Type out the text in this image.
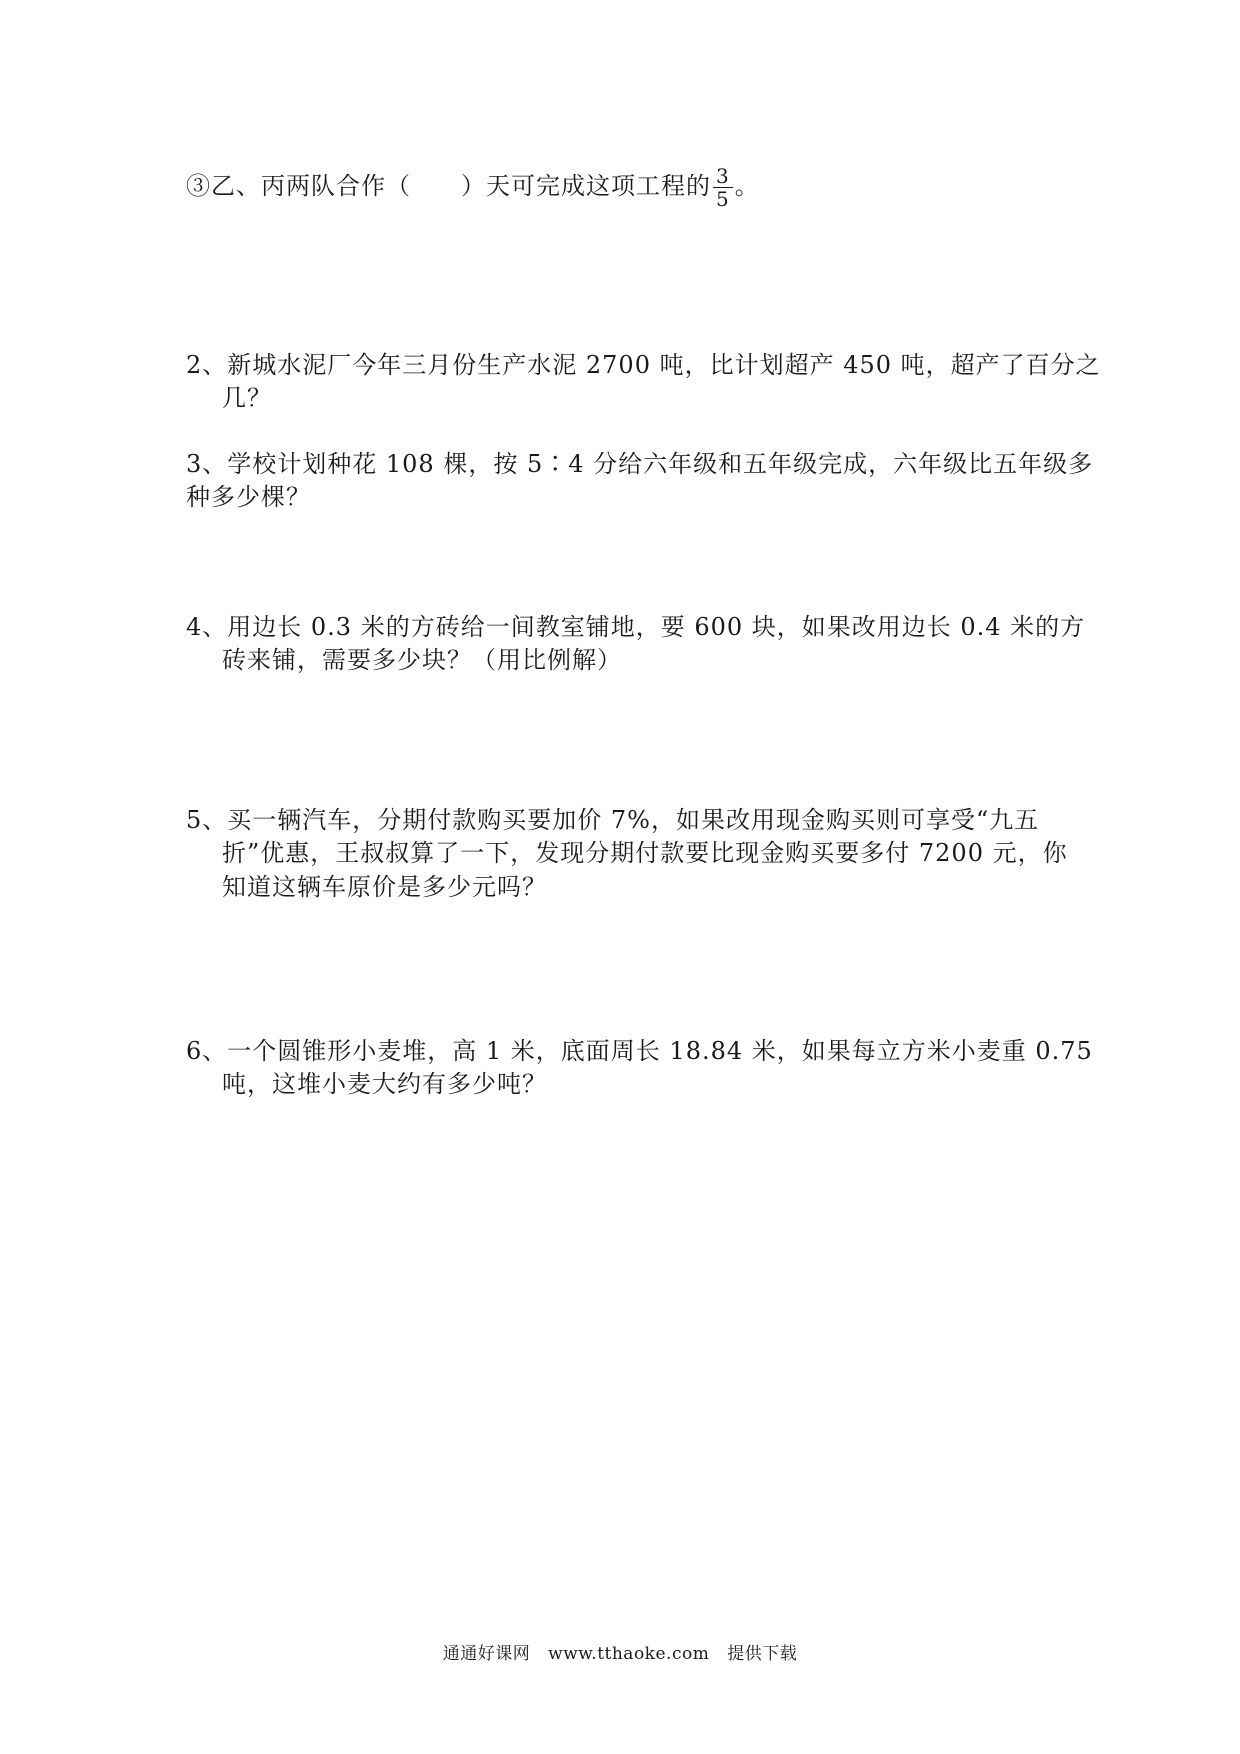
③乙、丙两队合作（　　）天可完成这项工程的 $\frac{3}{5}$ 。
2、新城水泥厂今年三月份生产水泥 2700 吨，比计划超产 450 吨，超产了百分之
几？
3、学校计划种花 108 棵，按 5∶4 分给六年级和五年级完成，六年级比五年级多
种多少棵？
4、用边长 0.3 米的方砖给一间教室铺地，要 600 块，如果改用边长 0.4 米的方
砖来铺，需要多少块？（用比例解）
5、买一辆汽车，分期付款购买要加价 7%，如果改用现金购买则可享受“九五
折”优惠，王叔叔算了一下，发现分期付款要比现金购买要多付 7200 元，你
知道这辆车原价是多少元吗？
6、一个圆锥形小麦堆，高 1 米，底面周长 18.84 米，如果每立方米小麦重 0.75
吨，这堆小麦大约有多少吨？
通通好课网 www.tthaoke.com 提供下载
